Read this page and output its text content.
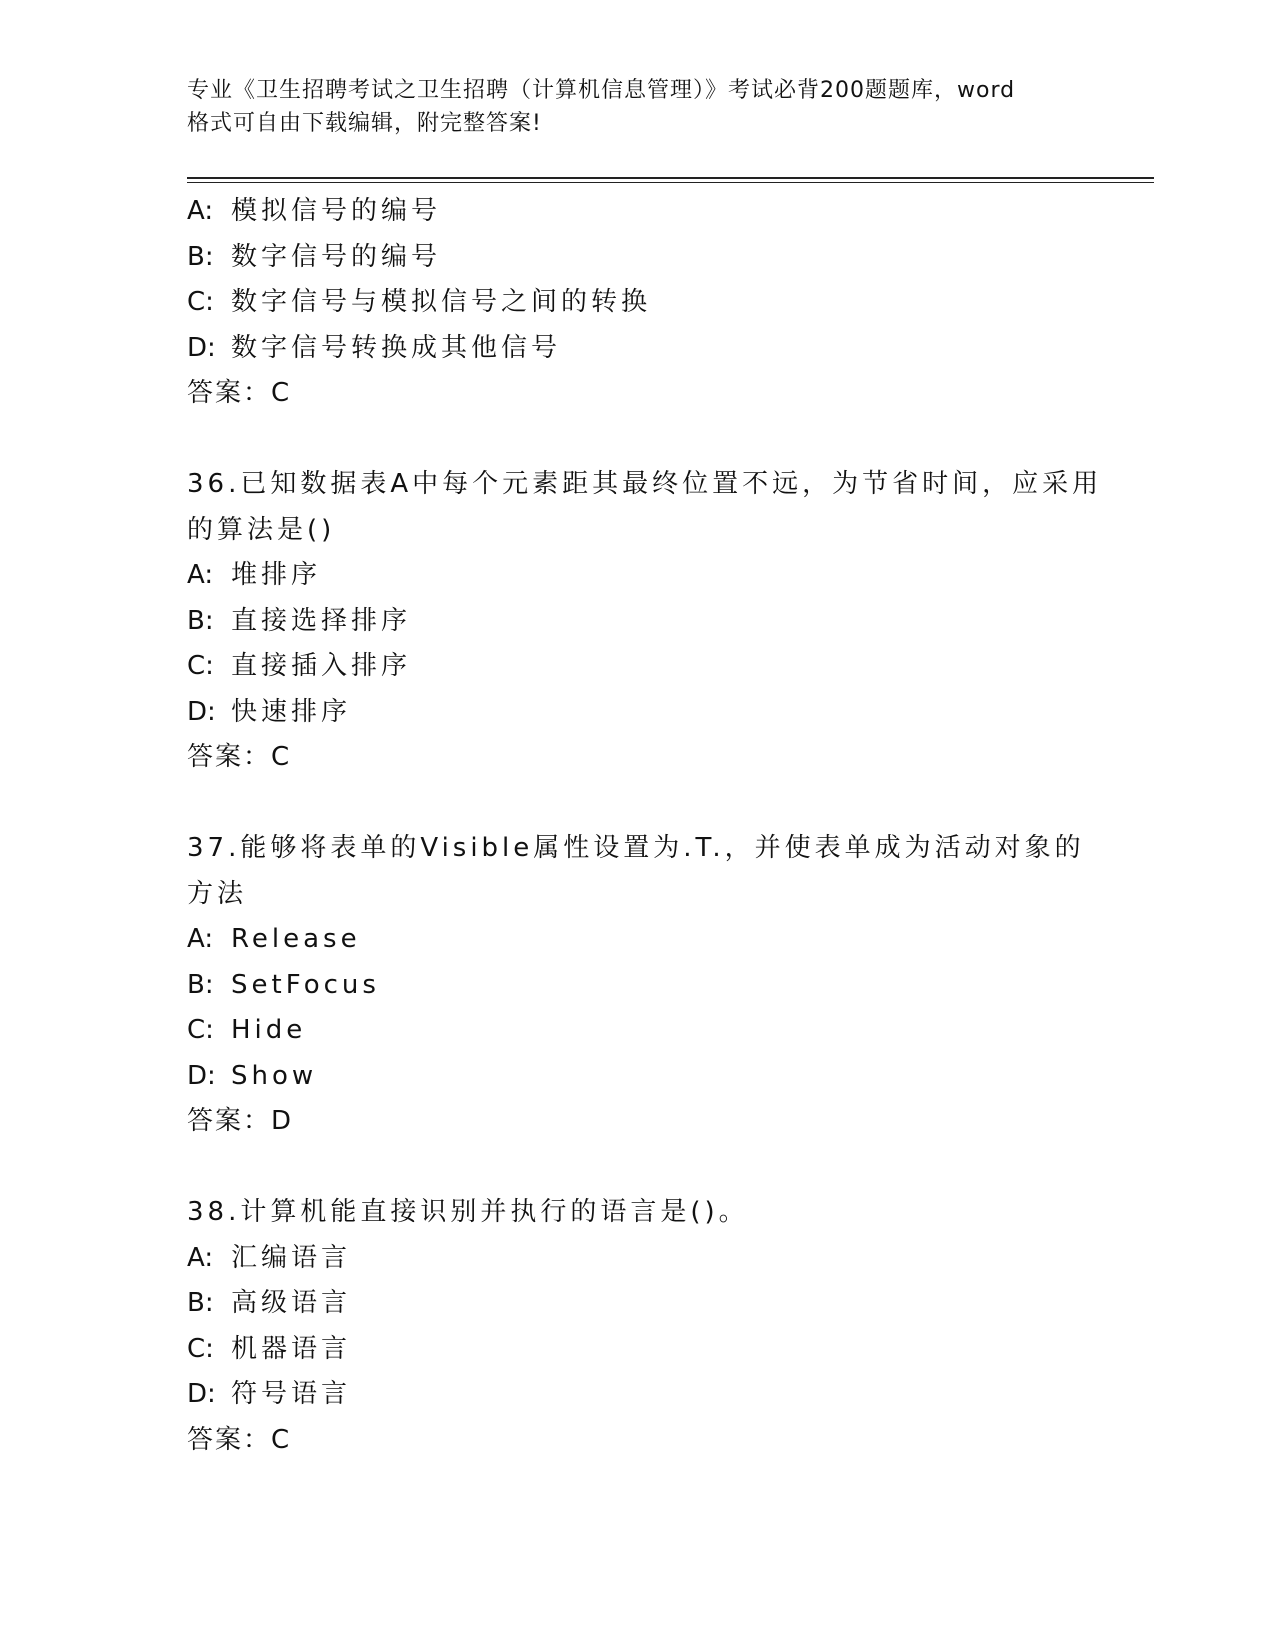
专业《卫生招聘考试之卫生招聘（计算机信息管理）》考试必背200题题库，word
格式可自由下载编辑，附完整答案!
A: 模拟信号的编号
B: 数字信号的编号
C: 数字信号与模拟信号之间的转换
D: 数字信号转换成其他信号
答案：C
36.已知数据表A中每个元素距其最终位置不远，为节省时间，应采用
的算法是()
A: 堆排序
B: 直接选择排序
C: 直接插入排序
D: 快速排序
答案：C
37.能够将表单的Visible属性设置为.T.，并使表单成为活动对象的
方法
A: Release
B: SetFocus
C: Hide
D: Show
答案：D
38.计算机能直接识别并执行的语言是()。
A: 汇编语言
B: 高级语言
C: 机器语言
D: 符号语言
答案：C
